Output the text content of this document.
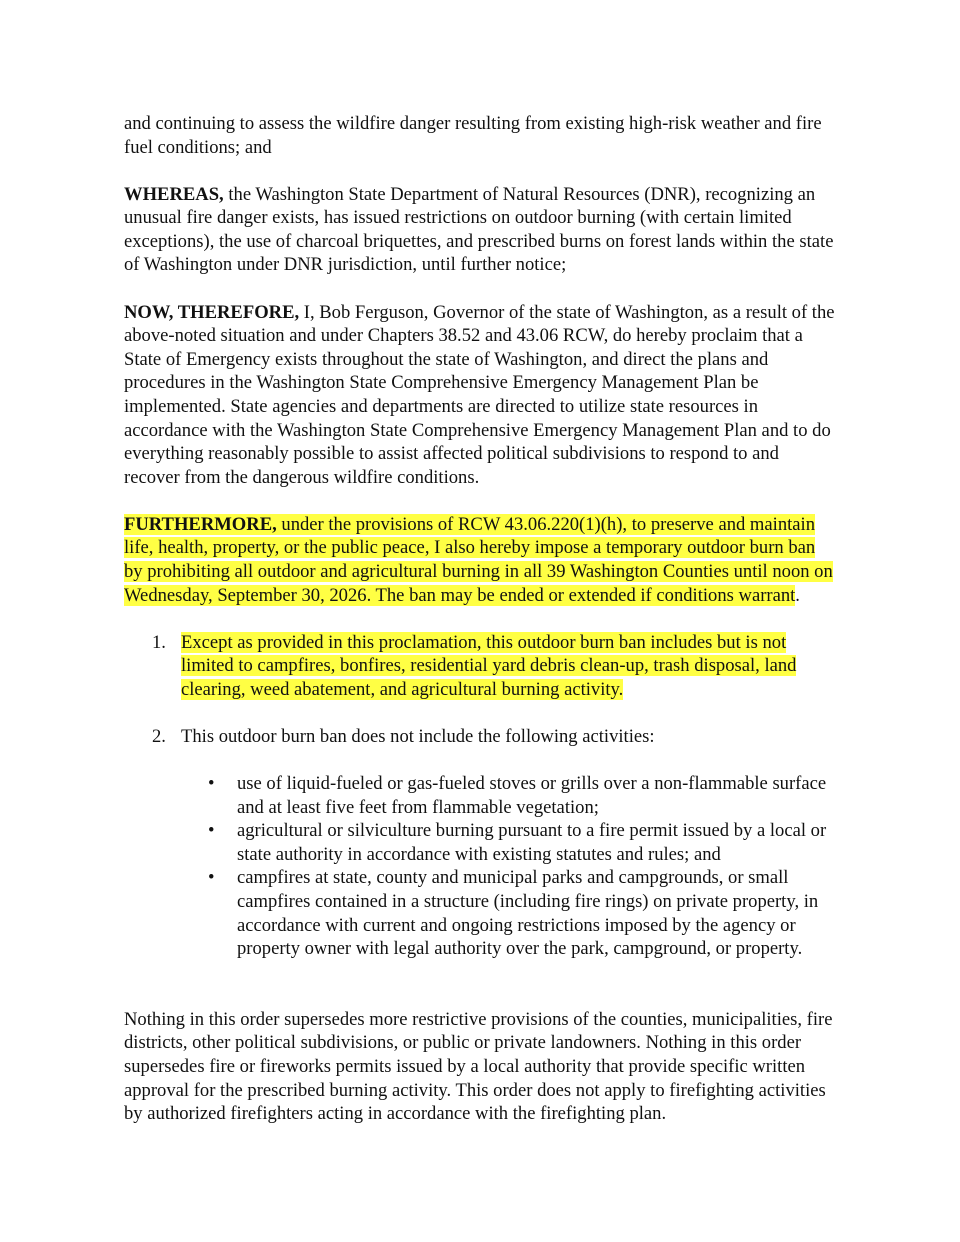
and continuing to assess the wildfire danger resulting from existing high-risk weather and fire fuel conditions; and

WHEREAS, the Washington State Department of Natural Resources (DNR), recognizing an unusual fire danger exists, has issued restrictions on outdoor burning (with certain limited exceptions), the use of charcoal briquettes, and prescribed burns on forest lands within the state of Washington under DNR jurisdiction, until further notice;

NOW, THEREFORE, I, Bob Ferguson, Governor of the state of Washington, as a result of the above-noted situation and under Chapters 38.52 and 43.06 RCW, do hereby proclaim that a State of Emergency exists throughout the state of Washington, and direct the plans and procedures in the Washington State Comprehensive Emergency Management Plan be implemented. State agencies and departments are directed to utilize state resources in accordance with the Washington State Comprehensive Emergency Management Plan and to do everything reasonably possible to assist affected political subdivisions to respond to and recover from the dangerous wildfire conditions.

FURTHERMORE, under the provisions of RCW 43.06.220(1)(h), to preserve and maintain life, health, property, or the public peace, I also hereby impose a temporary outdoor burn ban by prohibiting all outdoor and agricultural burning in all 39 Washington Counties until noon on Wednesday, September 30, 2026. The ban may be ended or extended if conditions warrant.

1. Except as provided in this proclamation, this outdoor burn ban includes but is not limited to campfires, bonfires, residential yard debris clean-up, trash disposal, land clearing, weed abatement, and agricultural burning activity.
2. This outdoor burn ban does not include the following activities:
• use of liquid-fueled or gas-fueled stoves or grills over a non-flammable surface and at least five feet from flammable vegetation;
• agricultural or silviculture burning pursuant to a fire permit issued by a local or state authority in accordance with existing statutes and rules; and
• campfires at state, county and municipal parks and campgrounds, or small campfires contained in a structure (including fire rings) on private property, in accordance with current and ongoing restrictions imposed by the agency or property owner with legal authority over the park, campground, or property.

Nothing in this order supersedes more restrictive provisions of the counties, municipalities, fire districts, other political subdivisions, or public or private landowners. Nothing in this order supersedes fire or fireworks permits issued by a local authority that provide specific written approval for the prescribed burning activity. This order does not apply to firefighting activities by authorized firefighters acting in accordance with the firefighting plan.
